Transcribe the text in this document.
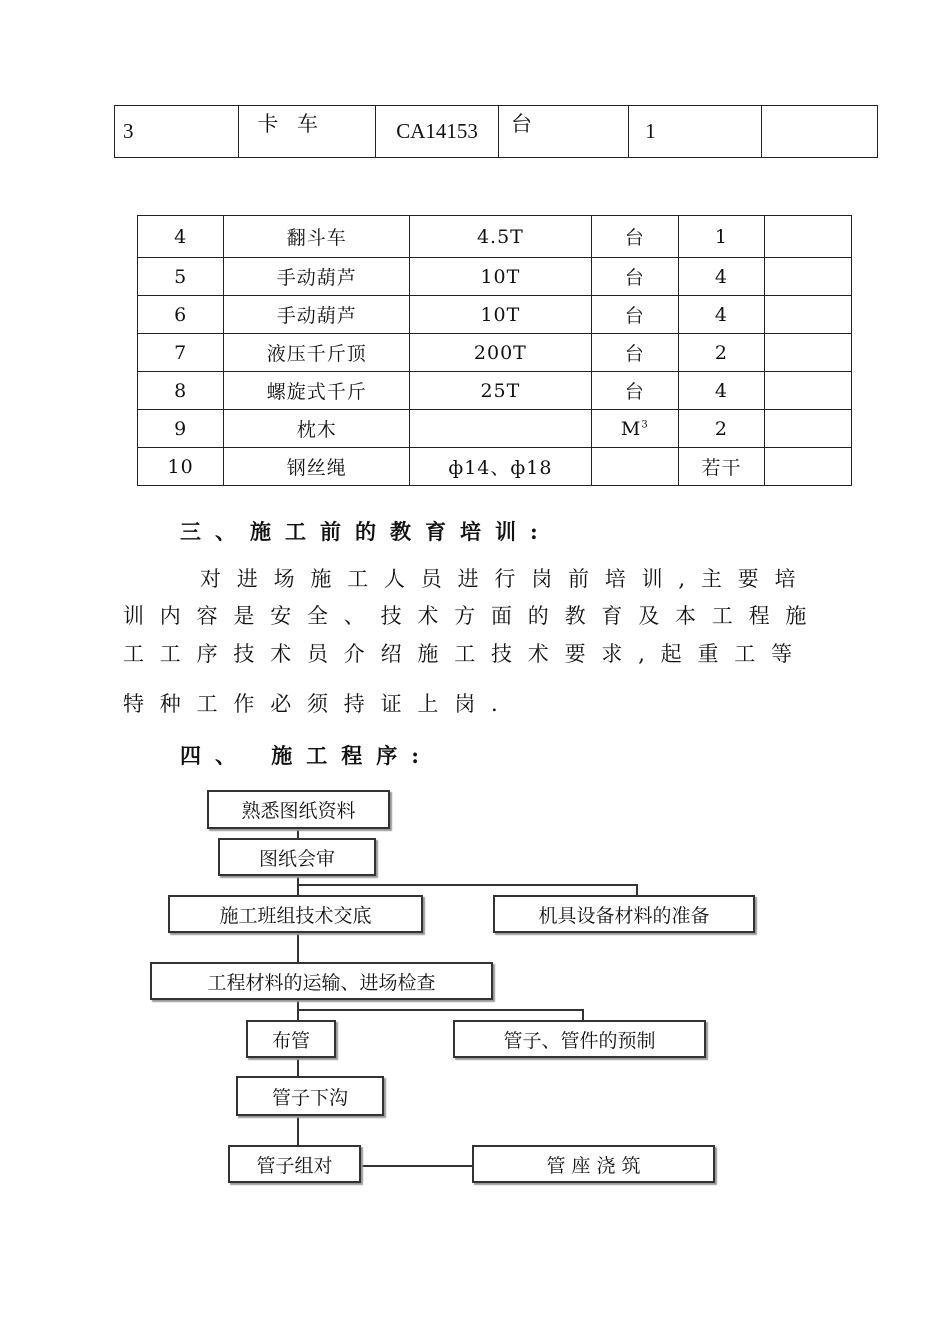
3	卡 车	CA14153	台	1	
4	翻斗车	4.5T	台	1	
5	手动葫芦	10T	台	4	
6	手动葫芦	10T	台	4	
7	液压千斤顶	200T	台	2	
8	螺旋式千斤	25T	台	4	
9	枕木		$M^3$	2	
10	钢丝绳	ф14、ф18		若干	
三、施工前的教育培训:
对进场施工人员进行岗前培训,主要培
训内容是安全、技术方面的教育及本工程施
工工序技术员介绍施工技术要求,起重工等
特种工作必须持证上岗.
四、 施工程序:
熟悉图纸资料
图纸会审
施工班组技术交底	机具设备材料的准备
工程材料的运输、进场检查
布管	管子、管件的预制
管子下沟
管子组对	管 座 浇 筑
